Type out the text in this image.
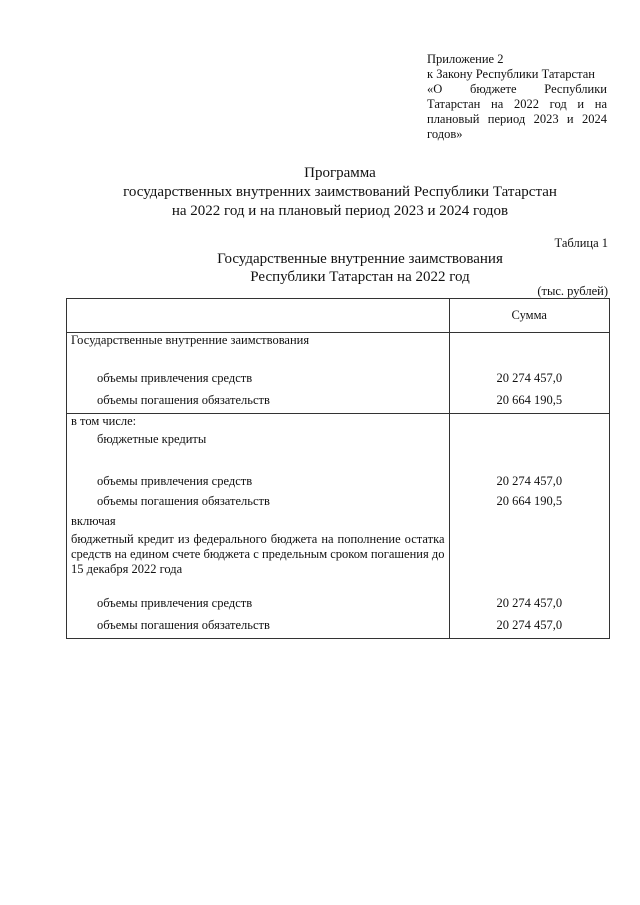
Приложение 2
к Закону Республики Татарстан
«О бюджете Республики
Татарстан на 2022 год и на
плановый период 2023 и 2024
годов»
Программа
государственных внутренних заимствований Республики Татарстан
на 2022 год и на плановый период 2023 и 2024 годов
Таблица 1
Государственные внутренние заимствования
Республики Татарстан на 2022 год
(тыс. рублей)
	Сумма
Государственные внутренние заимствования	
объемы привлечения средств	20 274 457,0
объемы погашения обязательств	20 664 190,5
в том числе:	
бюджетные кредиты	
объемы привлечения средств	20 274 457,0
объемы погашения обязательств	20 664 190,5
включая	
бюджетный кредит из федерального бюджета на пополнение остатка средств на едином счете бюджета с предельным сроком погашения до 15 декабря 2022 года	
объемы привлечения средств	20 274 457,0
объемы погашения обязательств	20 274 457,0
